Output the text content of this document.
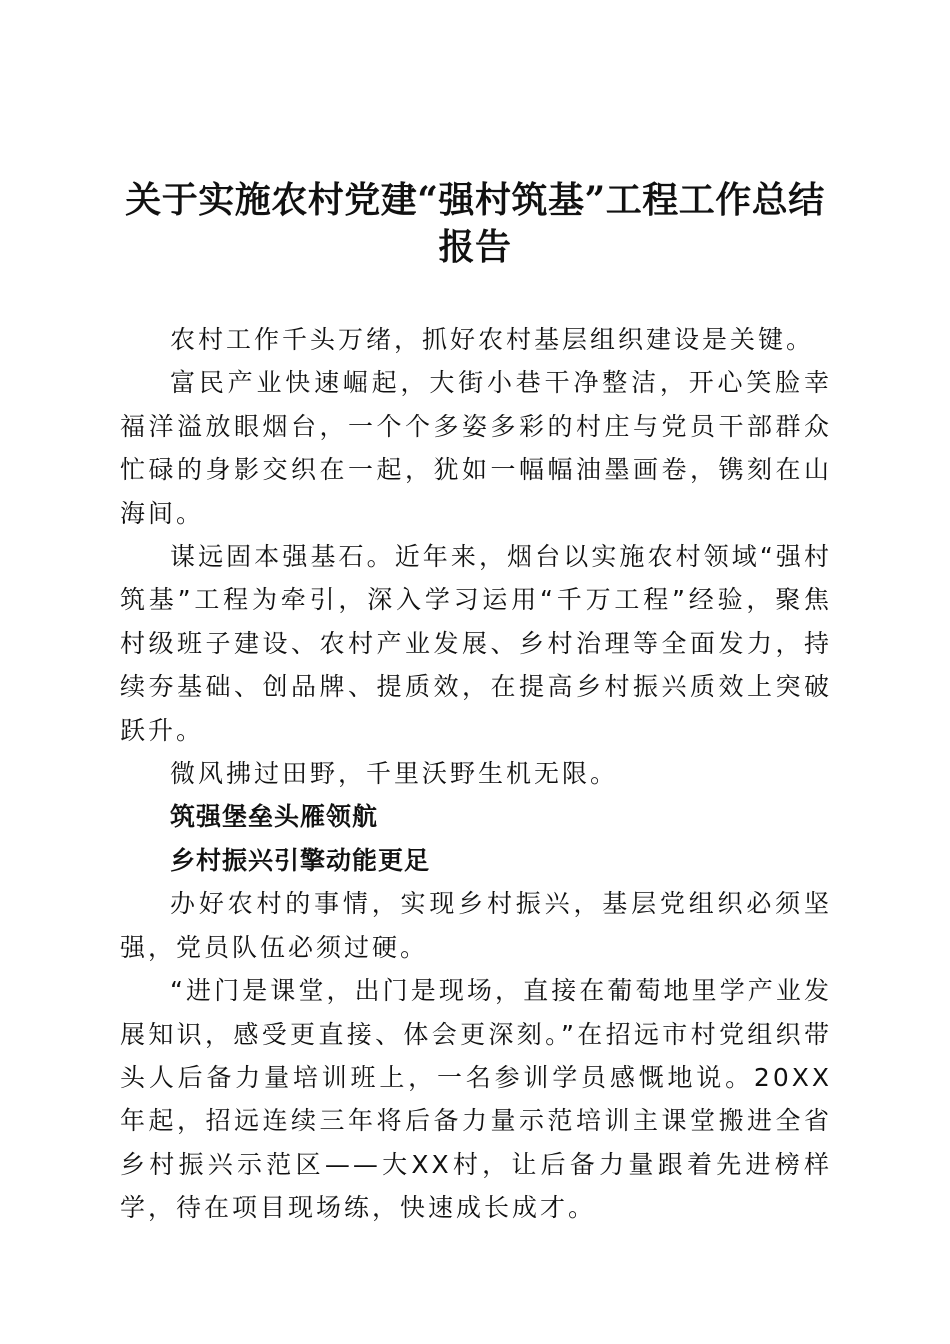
关于实施农村党建“强村筑基”工程工作总结
报告

农村工作千头万绪，抓好农村基层组织建设是关键。

富民产业快速崛起，大街小巷干净整洁，开心笑脸幸福洋溢放眼烟台，一个个多姿多彩的村庄与党员干部群众忙碌的身影交织在一起，犹如一幅幅油墨画卷，镌刻在山海间。

谋远固本强基石。近年来，烟台以实施农村领域“强村筑基”工程为牵引，深入学习运用“千万工程”经验，聚焦村级班子建设、农村产业发展、乡村治理等全面发力，持续夯基础、创品牌、提质效，在提高乡村振兴质效上突破跃升。

微风拂过田野，千里沃野生机无限。

筑强堡垒头雁领航

乡村振兴引擎动能更足

办好农村的事情，实现乡村振兴，基层党组织必须坚强，党员队伍必须过硬。

“进门是课堂，出门是现场，直接在葡萄地里学产业发展知识，感受更直接、体会更深刻。”在招远市村党组织带头人后备力量培训班上，一名参训学员感慨地说。20XX年起，招远连续三年将后备力量示范培训主课堂搬进全省乡村振兴示范区——大XX村，让后备力量跟着先进榜样学，待在项目现场练，快速成长成才。
